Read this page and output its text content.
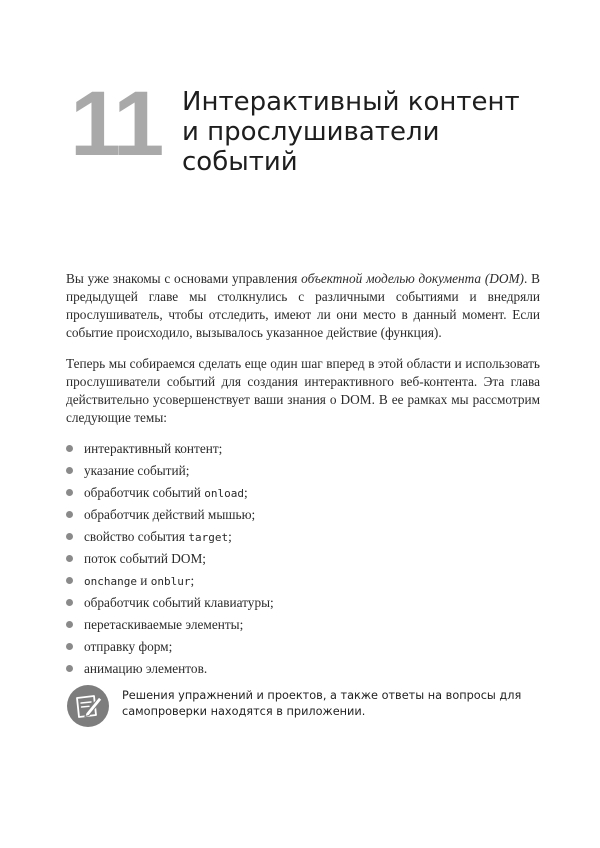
11 Интерактивный контент
и прослушиватели
событий

Вы уже знакомы с основами управления объектной моделью документа (DOM). В предыдущей главе мы столкнулись с различными событиями и внедряли прослушиватель, чтобы отследить, имеют ли они место в данный момент. Если событие происходило, вызывалось указанное действие (функция).

Теперь мы собираемся сделать еще один шаг вперед в этой области и использовать прослушиватели событий для создания интерактивного веб-контента. Эта глава действительно усовершенствует ваши знания о DOM. В ее рамках мы рассмотрим следующие темы:

интерактивный контент;
указание событий;
обработчик событий onload;
обработчик действий мышью;
свойство события target;
поток событий DOM;
onchange и onblur;
обработчик событий клавиатуры;
перетаскиваемые элементы;
отправку форм;
анимацию элементов.
Решения упражнений и проектов, а также ответы на вопросы для самопроверки находятся в приложении.
